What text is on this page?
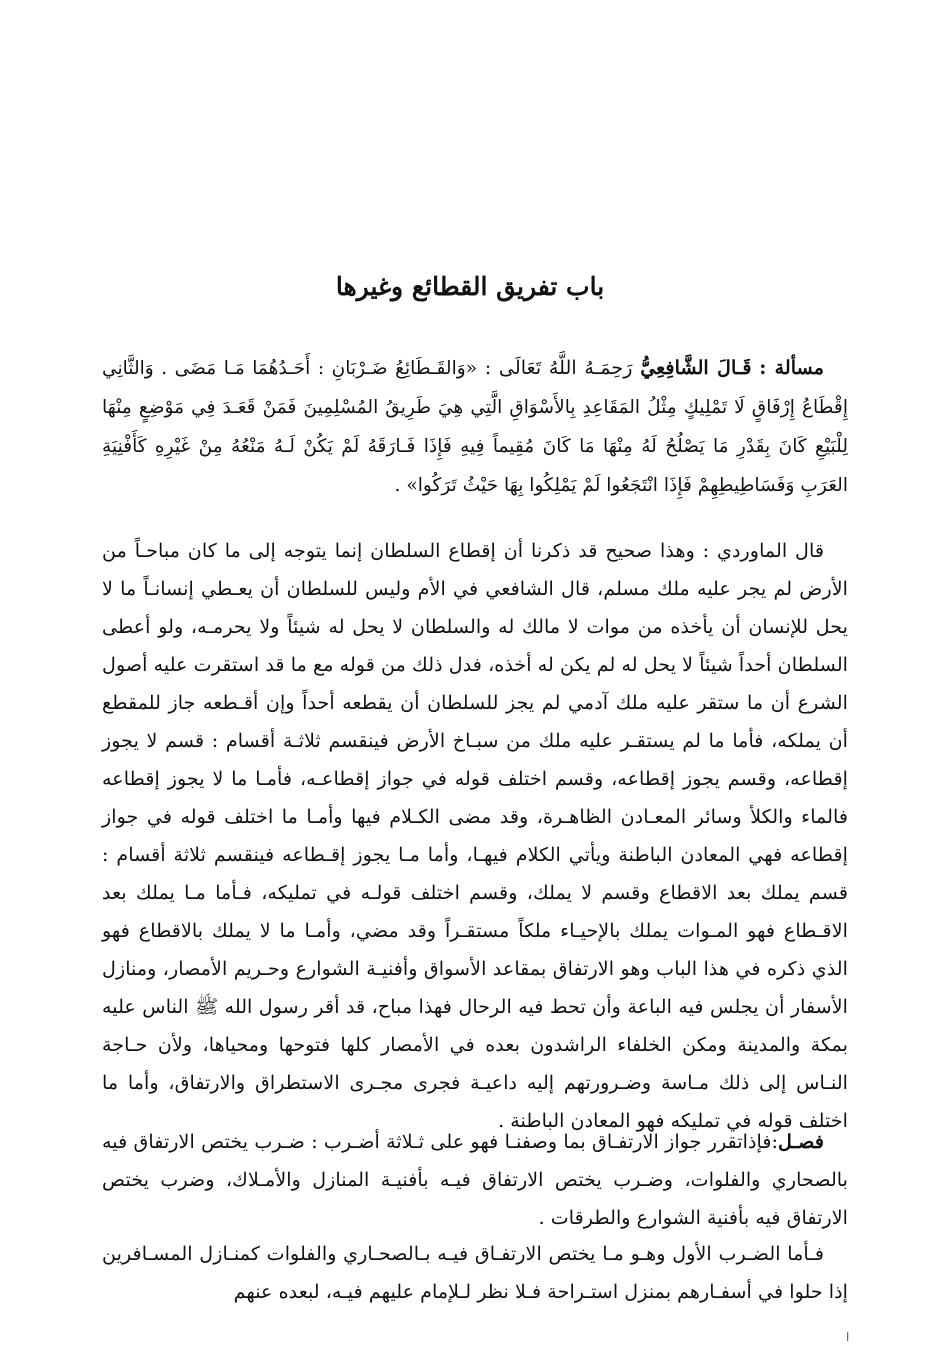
باب تفريق القطائع وغيرها

مسألة : قَـالَ الشَّافِعِيُّ رَحِمَـهُ اللَّهُ تَعَالَى : «وَالقَـطَائِعُ ضَـرْبَانِ : أَحَـدُهُمَا مَـا مَضَى . وَالثَّانِي إِقْطَاعُ إِرْفَاقٍ لَا تَمْلِيكٍ مِثْلُ المَقَاعِدِ بِالأَسْوَاقِ الَّتِي هِيَ طَرِيقُ المُسْلِمِينَ فَمَنْ قَعَـدَ فِي مَوْضِعٍ مِنْهَا لِلْبَيْعِ كَانَ بِقَدْرِ مَا يَصْلُحُ لَهُ مِنْهَا مَا كَانَ مُقِيماً فِيهِ فَإِذَا فَـارَقَهُ لَمْ يَكُنْ لَـهُ مَنْعُهُ مِنْ غَيْرِهِ كَأَفْنِيَةِ العَرَبِ وَفَسَاطِيطِهِمْ فَإِذَا انْتَجَعُوا لَمْ يَمْلِكُوا بِهَا حَيْثُ تَرَكُوا» .

قال الماوردي : وهذا صحيح قد ذكرنا أن إقطاع السلطان إنما يتوجه إلى ما كان مباحـاً من الأرض لم يجر عليه ملك مسلم، قال الشافعي في الأم وليس للسلطان أن يعـطي إنسانـاً ما لا يحل للإنسان أن يأخذه من موات لا مالك له والسلطان لا يحل له شيئاً ولا يحرمـه، ولو أعطى السلطان أحداً شيئاً لا يحل له لم يكن له أخذه، فدل ذلك من قوله مع ما قد استقرت عليه أصول الشرع أن ما ستقر عليه ملك آدمي لم يجز للسلطان أن يقطعه أحداً وإن أقـطعه جاز للمقطع أن يملكه، فأما ما لم يستقـر عليه ملك من سبـاخ الأرض فينقسم ثلاثـة أقسام : قسم لا يجوز إقطاعه، وقسم يجوز إقطاعه، وقسم اختلف قوله في جواز إقطاعـه، فأمـا ما لا يجوز إقطاعه فالماء والكلأ وسائر المعـادن الظاهـرة، وقد مضى الكـلام فيها وأمـا ما اختلف قوله في جواز إقطاعه فهي المعادن الباطنة ويأتي الكلام فيهـا، وأما مـا يجوز إقـطاعه فينقسم ثلاثة أقسام : قسم يملك بعد الاقطاع وقسم لا يملك، وقسم اختلف قولـه في تمليكه، فـأما مـا يملك بعد الاقـطاع فهو المـوات يملك بالإحيـاء ملكاً مستقـراً وقد مضي، وأمـا ما لا يملك بالاقطاع فهو الذي ذكره في هذا الباب وهو الارتفاق بمقاعد الأسواق وأفنيـة الشوارع وحـريم الأمصار، ومنازل الأسفار أن يجلس فيه الباعة وأن تحط فيه الرحال فهذا مباح، قد أقر رسول الله ﷺ الناس عليه بمكة والمدينة ومكن الخلفاء الراشدون بعده في الأمصار كلها فتوحها ومحياها، ولأن حـاجة النـاس إلى ذلك مـاسة وضـرورتهم إليه داعيـة فجرى مجـرى الاستطراق والارتفاق، وأما ما اختلف قوله في تمليكه فهو المعادن الباطنة .

فصـل:فإذاتقرر جواز الارتفـاق بما وصفنـا فهو على ثـلاثة أضـرب : ضـرب يختص الارتفاق فيه بالصحاري والفلوات، وضـرب يختص الارتفاق فيـه بأفنيـة المنازل والأمـلاك، وضرب يختص الارتفاق فيه بأفنية الشوارع والطرقات .

فـأما الضـرب الأول وهـو مـا يختص الارتفـاق فيـه بـالصحـاري والفلوات كمنـازل المسـافرين إذا حلوا في أسفـارهم بمنزل استـراحة فـلا نظر لـلإمام عليهم فيـه، لبعده عنهم

ا
